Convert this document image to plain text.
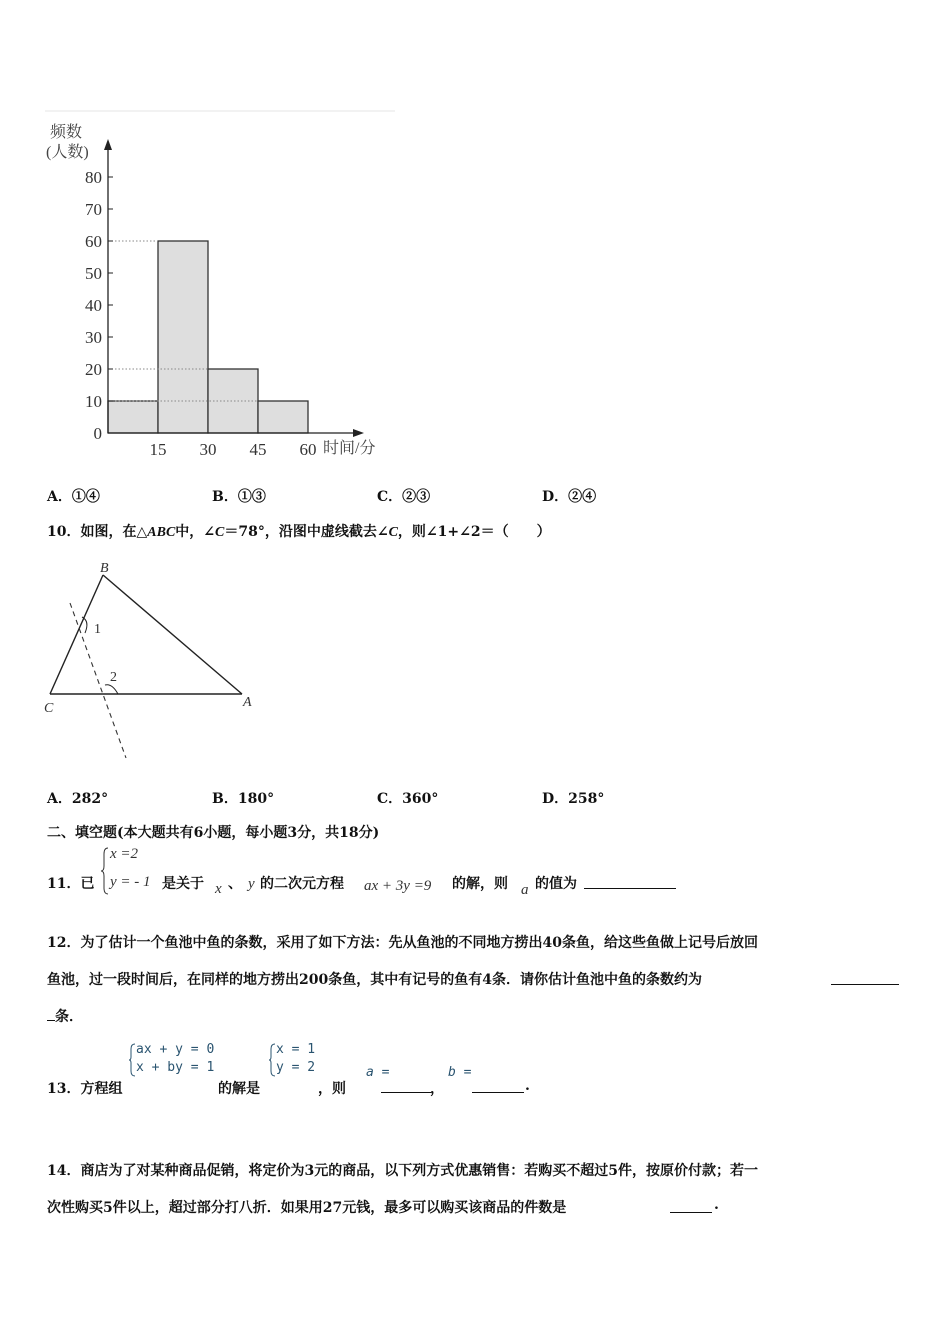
0
10
20
30
40
50
60
70
80
15 30 45 60
频数
(人数)
时间/分
A．①④	B．①③	C．②③	D．②④
10．如图，在△ABC中，∠C＝78°，沿图中虚线截去∠C，则∠1+∠2＝（　　）
B
C	A
1
2
A．282°	B．180°	C．360°	D．258°
二、填空题(本大题共有6小题，每小题3分，共18分)
x =2
y = - 1
11．已	是关于 x 、 y 的二次元方程 ax + 3y =9 的解，则 a 的值为
12．为了估计一个鱼池中鱼的条数，采用了如下方法：先从鱼池的不同地方捞出40条鱼，给这些鱼做上记号后放回
鱼池，过一段时间后，在同样的地方捞出200条鱼，其中有记号的鱼有4条．请你估计鱼池中鱼的条数约为
条．
ax + y = 0
x + by = 1
x = 1
y = 2
13．方程组	的解是	，则
a =
，
b =
.
14．商店为了对某种商品促销，将定价为3元的商品，以下列方式优惠销售：若购买不超过5件，按原价付款；若一
次性购买5件以上，超过部分打八折．如果用27元钱，最多可以购买该商品的件数是	.
